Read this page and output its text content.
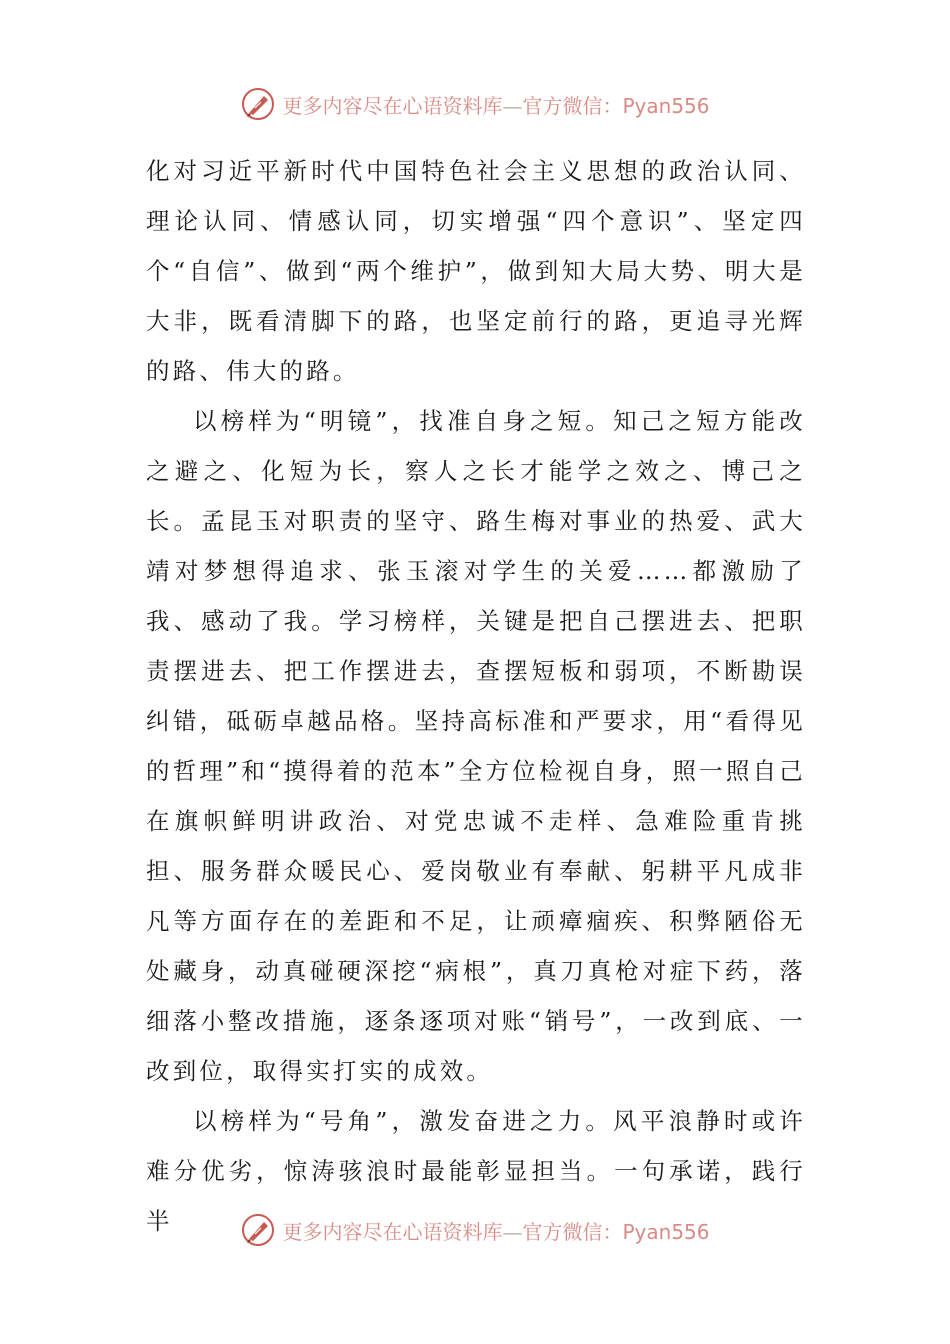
更多内容尽在心语资料库—官方微信：Pyan556

化对习近平新时代中国特色社会主义思想的政治认同、理论认同、情感认同，切实增强“四个意识”、坚定四个“自信”、做到“两个维护”，做到知大局大势、明大是大非，既看清脚下的路，也坚定前行的路，更追寻光辉的路、伟大的路。

以榜样为“明镜”，找准自身之短。知己之短方能改之避之、化短为长，察人之长才能学之效之、博己之长。孟昆玉对职责的坚守、路生梅对事业的热爱、武大靖对梦想得追求、张玉滚对学生的关爱……都激励了我、感动了我。学习榜样，关键是把自己摆进去、把职责摆进去、把工作摆进去，查摆短板和弱项，不断勘误纠错，砥砺卓越品格。坚持高标准和严要求，用“看得见的哲理”和“摸得着的范本”全方位检视自身，照一照自己在旗帜鲜明讲政治、对党忠诚不走样、急难险重肯挑担、服务群众暖民心、爱岗敬业有奉献、躬耕平凡成非凡等方面存在的差距和不足，让顽瘴痼疾、积弊陋俗无处藏身，动真碰硬深挖“病根”，真刀真枪对症下药，落细落小整改措施，逐条逐项对账“销号”，一改到底、一改到位，取得实打实的成效。

以榜样为“号角”，激发奋进之力。风平浪静时或许难分优劣，惊涛骇浪时最能彰显担当。一句承诺，践行半	更多内容尽在心语资料库—官方微信：Pyan556
